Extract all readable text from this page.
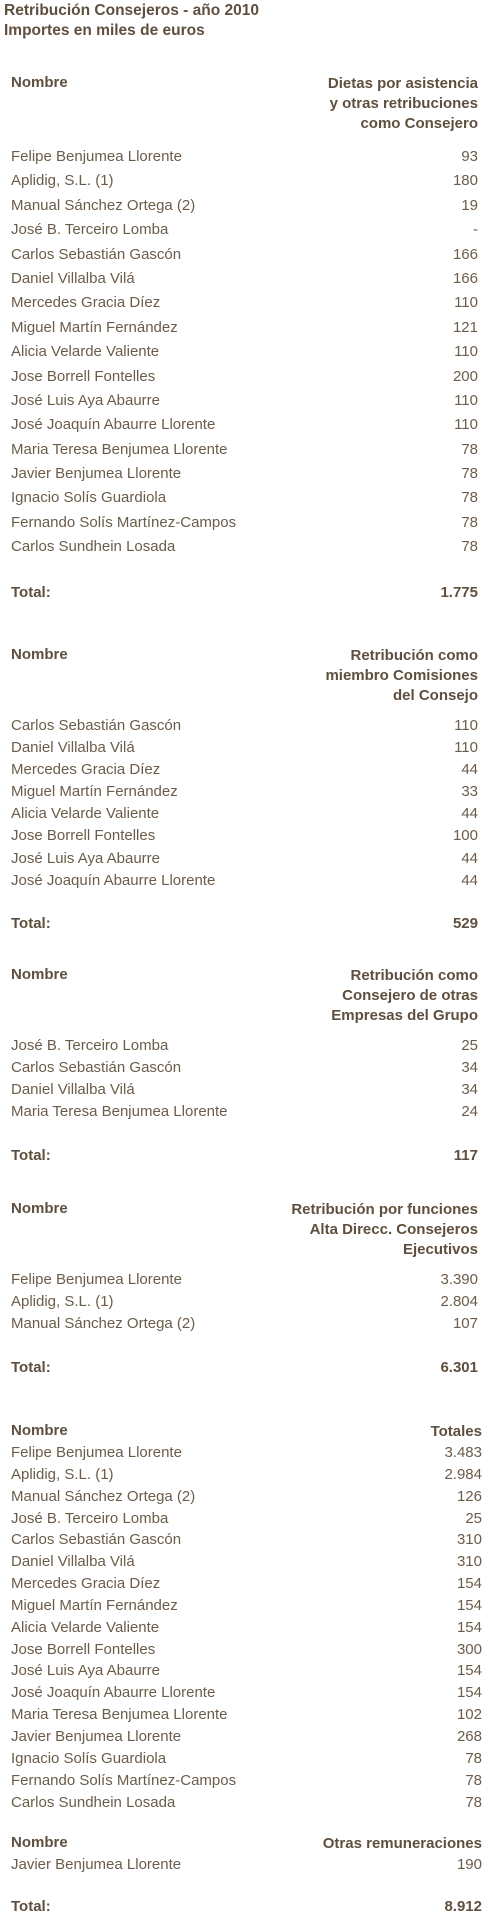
Retribución Consejeros - año 2010
Importes en miles de euros
Nombre	Dietas por asistencia
y otras retribuciones
como Consejero
Felipe Benjumea Llorente	93
Aplidig, S.L. (1)	180
Manual Sánchez Ortega (2)	19
José B. Terceiro Lomba	-
Carlos Sebastián Gascón	166
Daniel Villalba Vilá	166
Mercedes Gracia Díez	110
Miguel Martín Fernández	121
Alicia Velarde Valiente	110
Jose Borrell Fontelles	200
José Luis Aya Abaurre	110
José Joaquín Abaurre Llorente	110
Maria Teresa Benjumea Llorente	78
Javier Benjumea Llorente	78
Ignacio Solís Guardiola	78
Fernando Solís Martínez-Campos	78
Carlos Sundhein Losada	78
Total:	1.775
Nombre	Retribución como
miembro Comisiones
del Consejo
Carlos Sebastián Gascón	110
Daniel Villalba Vilá	110
Mercedes Gracia Díez	44
Miguel Martín Fernández	33
Alicia Velarde Valiente	44
Jose Borrell Fontelles	100
José Luis Aya Abaurre	44
José Joaquín Abaurre Llorente	44
Total:	529
Nombre	Retribución como
Consejero de otras
Empresas del Grupo
José B. Terceiro Lomba	25
Carlos Sebastián Gascón	34
Daniel Villalba Vilá	34
Maria Teresa Benjumea Llorente	24
Total:	117
Nombre	Retribución por funciones
Alta Direcc. Consejeros
Ejecutivos
Felipe Benjumea Llorente	3.390
Aplidig, S.L. (1)	2.804
Manual Sánchez Ortega (2)	107
Total:	6.301
Nombre	Totales
Felipe Benjumea Llorente	3.483
Aplidig, S.L. (1)	2.984
Manual Sánchez Ortega (2)	126
José B. Terceiro Lomba	25
Carlos Sebastián Gascón	310
Daniel Villalba Vilá	310
Mercedes Gracia Díez	154
Miguel Martín Fernández	154
Alicia Velarde Valiente	154
Jose Borrell Fontelles	300
José Luis Aya Abaurre	154
José Joaquín Abaurre Llorente	154
Maria Teresa Benjumea Llorente	102
Javier Benjumea Llorente	268
Ignacio Solís Guardiola	78
Fernando Solís Martínez-Campos	78
Carlos Sundhein Losada	78
Nombre	Otras remuneraciones
Javier Benjumea Llorente	190
Total:	8.912
